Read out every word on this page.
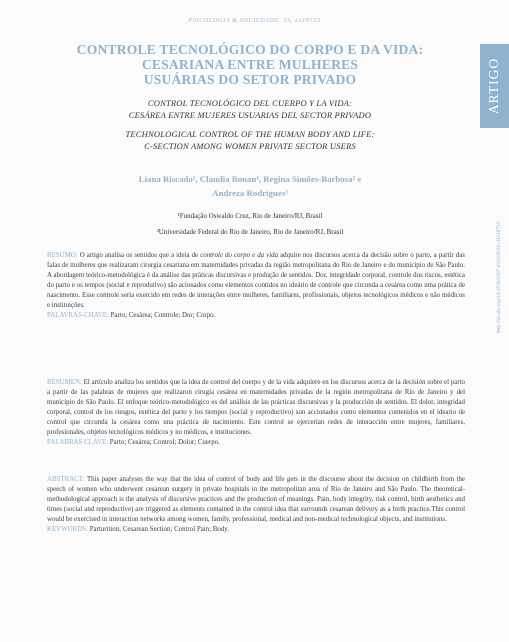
PSICOLOGIA & SOCIEDADE, 33, e219733
ARTIGO
http://dx.doi.org/10.1590/1807-0310/2021v33219733
CONTROLE TECNOLÓGICO DO CORPO E DA VIDA:
CESARIANA ENTRE MULHERES
USUÁRIAS DO SETOR PRIVADO
CONTROL TECNOLÓGICO DEL CUERPO Y LA VIDA:
CESÁREA ENTRE MUJERES USUARIAS DEL SECTOR PRIVADO
TECHNOLOGICAL CONTROL OF THE HUMAN BODY AND LIFE:
C-SECTION AMONG WOMEN PRIVATE SECTOR USERS
Liana Riscado¹, Claudia Bonan¹, Regina Simões-Barbosa² e
Andreza Rodrigues²
¹Fundação Oswaldo Cruz, Rio de Janeiro/RJ, Brasil
²Universidade Federal do Rio de Janeiro, Rio de Janeiro/RJ, Brasil
RESUMO: O artigo analisa os sentidos que a ideia de controle do corpo e da vida adquire nos discursos acerca da decisão sobre o parto, a partir das falas de mulheres que realizaram cirurgia cesariana em maternidades privadas da região metropolitana do Rio de Janeiro e do município de São Paulo. A abordagem teórico-metodológica é da análise das práticas discursivas e produção de sentidos. Dor, integridade corporal, controle dos riscos, estética do parto e os tempos (social e reprodutivo) são acionados como elementos contidos no ideário de controle que circunda a cesárea como uma prática de nascimento. Esse controle seria exercido em redes de interações entre mulheres, familiares, profissionais, objetos tecnológicos médicos e não médicos e instituições.
PALAVRAS-CHAVE: Parto; Cesárea; Controle; Dor; Corpo.
RESUMEN: El artículo analiza los sentidos que la idea de control del cuerpo y de la vida adquiere en los discursos acerca de la decisión sobre el parto a partir de las palabras de mujeres que realizaron cirugía cesárea en maternidades privadas de la región metropolitana de Río de Janeiro y del municipio de São Paulo. El enfoque teórico-metodológico es del análisis de las prácticas discursivas y la producción de sentidos. El dolor, integridad corporal, control de los riesgos, estética del parto y los tiempos (social y reproductivo) son accionados como elementos contenidos en el ideario de control que circunda la cesárea como una práctica de nacimiento. Este control se ejercerían redes de interacción entre mujeres, familiares, profesionales, objetos tecnológicos médicos y no médicos, e instituciones.
PALABRAS CLAVE: Parto; Cesárea; Control; Dolor; Cuerpo.
ABSTRACT: This paper analyses the way that the idea of control of body and life gets in the discourse about the decision on childbirth from the speech of women who underwent cesarean surgery in private hospitals in the metropolitan area of Rio de Janeiro and São Paulo. The theoretical-methodological approach is the analysis of discursive practices and the production of meanings. Pain, body integrity, risk control, birth aesthetics and times (social and reproductive) are triggered as elements contained in the control idea that surrounds cesarean delivery as a birth practice.This control would be exercised in interaction networks among women, family, professional, medical and non-medical technological objects, and institutions.
KEYWORDS: Parturition; Cesarean Section; Control Pain; Body.
